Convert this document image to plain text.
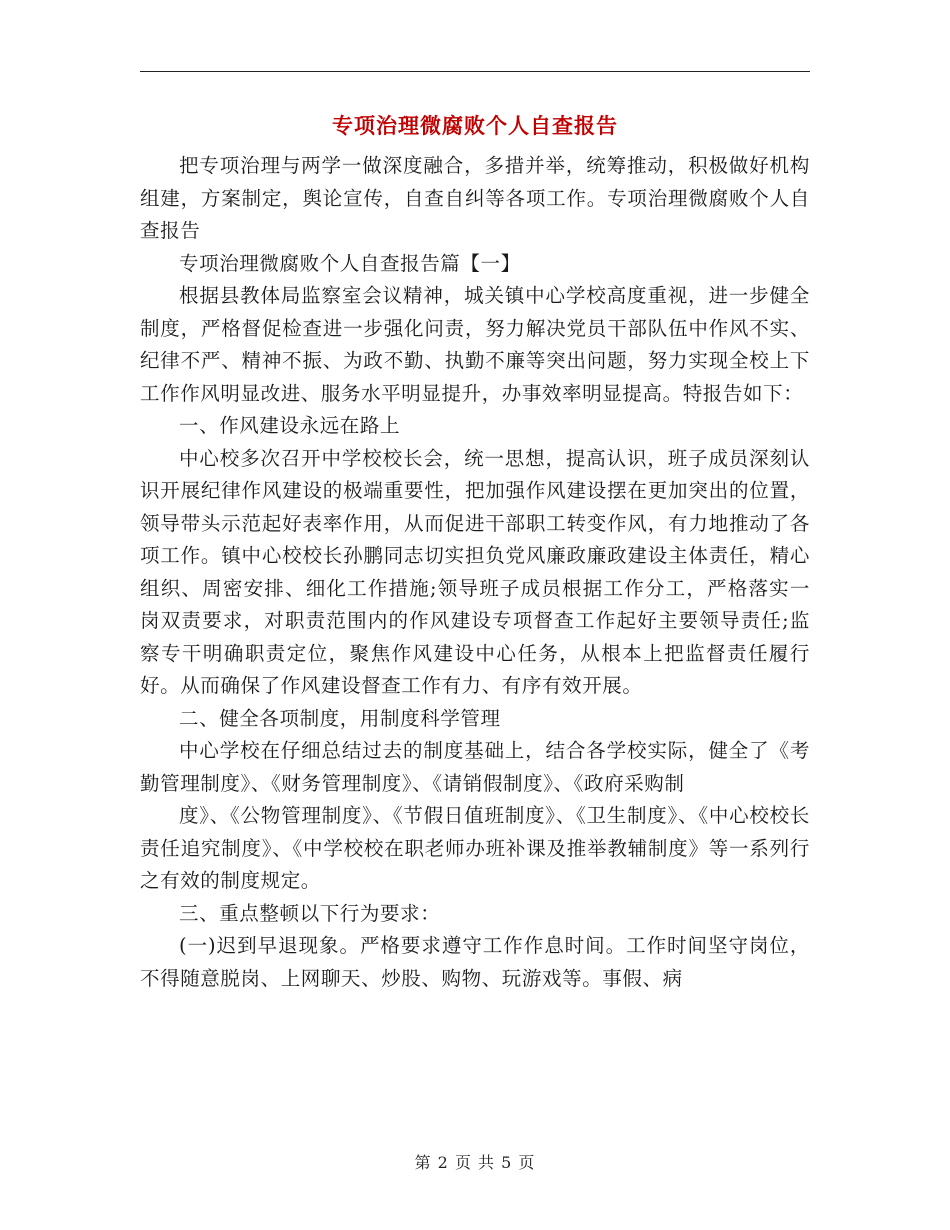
专项治理微腐败个人自查报告

把专项治理与两学一做深度融合，多措并举，统筹推动，积极做好机构组建，方案制定，舆论宣传，自查自纠等各项工作。专项治理微腐败个人自查报告

专项治理微腐败个人自查报告篇【一】

根据县教体局监察室会议精神，城关镇中心学校高度重视，进一步健全制度，严格督促检查进一步强化问责，努力解决党员干部队伍中作风不实、纪律不严、精神不振、为政不勤、执勤不廉等突出问题，努力实现全校上下工作作风明显改进、服务水平明显提升，办事效率明显提高。特报告如下：

一、作风建设永远在路上

中心校多次召开中学校校长会，统一思想，提高认识，班子成员深刻认识开展纪律作风建设的极端重要性，把加强作风建设摆在更加突出的位置，领导带头示范起好表率作用，从而促进干部职工转变作风，有力地推动了各项工作。镇中心校校长孙鹏同志切实担负党风廉政廉政建设主体责任，精心组织、周密安排、细化工作措施;领导班子成员根据工作分工，严格落实一岗双责要求，对职责范围内的作风建设专项督查工作起好主要领导责任;监察专干明确职责定位，聚焦作风建设中心任务，从根本上把监督责任履行好。从而确保了作风建设督查工作有力、有序有效开展。

二、健全各项制度，用制度科学管理

中心学校在仔细总结过去的制度基础上，结合各学校实际，健全了《考勤管理制度》、《财务管理制度》、《请销假制度》、《政府采购制

度》、《公物管理制度》、《节假日值班制度》、《卫生制度》、《中心校校长责任追究制度》、《中学校校在职老师办班补课及推举教辅制度》等一系列行之有效的制度规定。

三、重点整顿以下行为要求：

(一)迟到早退现象。严格要求遵守工作作息时间。工作时间坚守岗位，不得随意脱岗、上网聊天、炒股、购物、玩游戏等。事假、病

第 2 页 共 5 页
